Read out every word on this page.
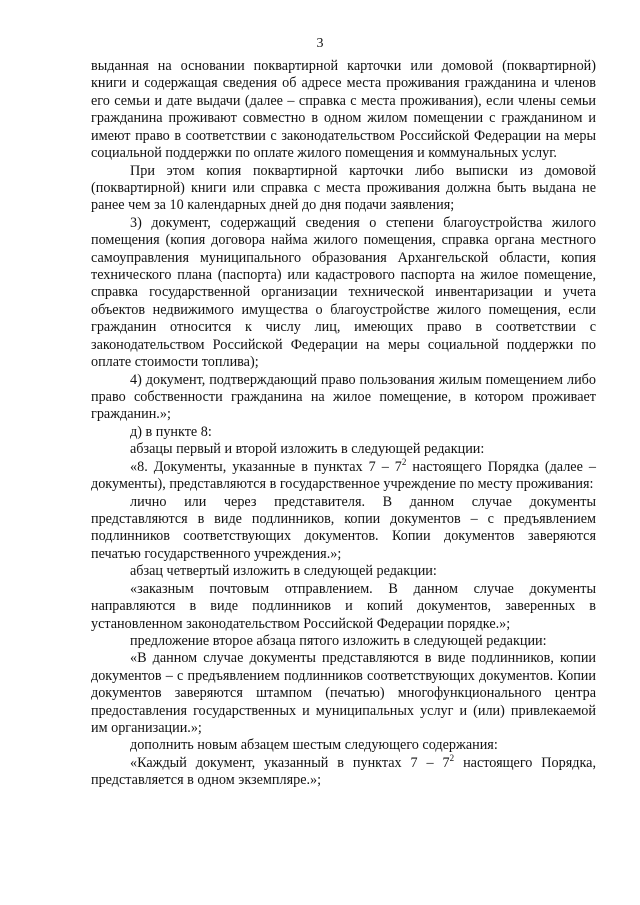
3

выданная на основании поквартирной карточки или домовой (поквартирной) книги и содержащая сведения об адресе места проживания гражданина и членов его семьи и дате выдачи (далее – справка с места проживания), если члены семьи гражданина проживают совместно в одном жилом помещении с гражданином и имеют право в соответствии с законодательством Российской Федерации на меры социальной поддержки по оплате жилого помещения и коммунальных услуг.

При этом копия поквартирной карточки либо выписки из домовой (поквартирной) книги или справка с места проживания должна быть выдана не ранее чем за 10 календарных дней до дня подачи заявления;

3) документ, содержащий сведения о степени благоустройства жилого помещения (копия договора найма жилого помещения, справка органа местного самоуправления муниципального образования Архангельской области, копия технического плана (паспорта) или кадастрового паспорта на жилое помещение, справка государственной организации технической инвентаризации и учета объектов недвижимого имущества о благоустройстве жилого помещения, если гражданин относится к числу лиц, имеющих право в соответствии с законодательством Российской Федерации на меры социальной поддержки по оплате стоимости топлива);

4) документ, подтверждающий право пользования жилым помещением либо право собственности гражданина на жилое помещение, в котором проживает гражданин.»;

д) в пункте 8:

абзацы первый и второй изложить в следующей редакции:

«8. Документы, указанные в пунктах $7 - 7^2$ настоящего Порядка (далее – документы), представляются в государственное учреждение по месту проживания:

лично или через представителя. В данном случае документы представляются в виде подлинников, копии документов – с предъявлением подлинников соответствующих документов. Копии документов заверяются печатью государственного учреждения.»;

абзац четвертый изложить в следующей редакции:

«заказным почтовым отправлением. В данном случае документы направляются в виде подлинников и копий документов, заверенных в установленном законодательством Российской Федерации порядке.»;

предложение второе абзаца пятого изложить в следующей редакции:

«В данном случае документы представляются в виде подлинников, копии документов – с предъявлением подлинников соответствующих документов. Копии документов заверяются штампом (печатью) многофункционального центра предоставления государственных и муниципальных услуг и (или) привлекаемой им организации.»;

дополнить новым абзацем шестым следующего содержания:

«Каждый документ, указанный в пунктах $7 - 7^2$ настоящего Порядка, представляется в одном экземпляре.»;
